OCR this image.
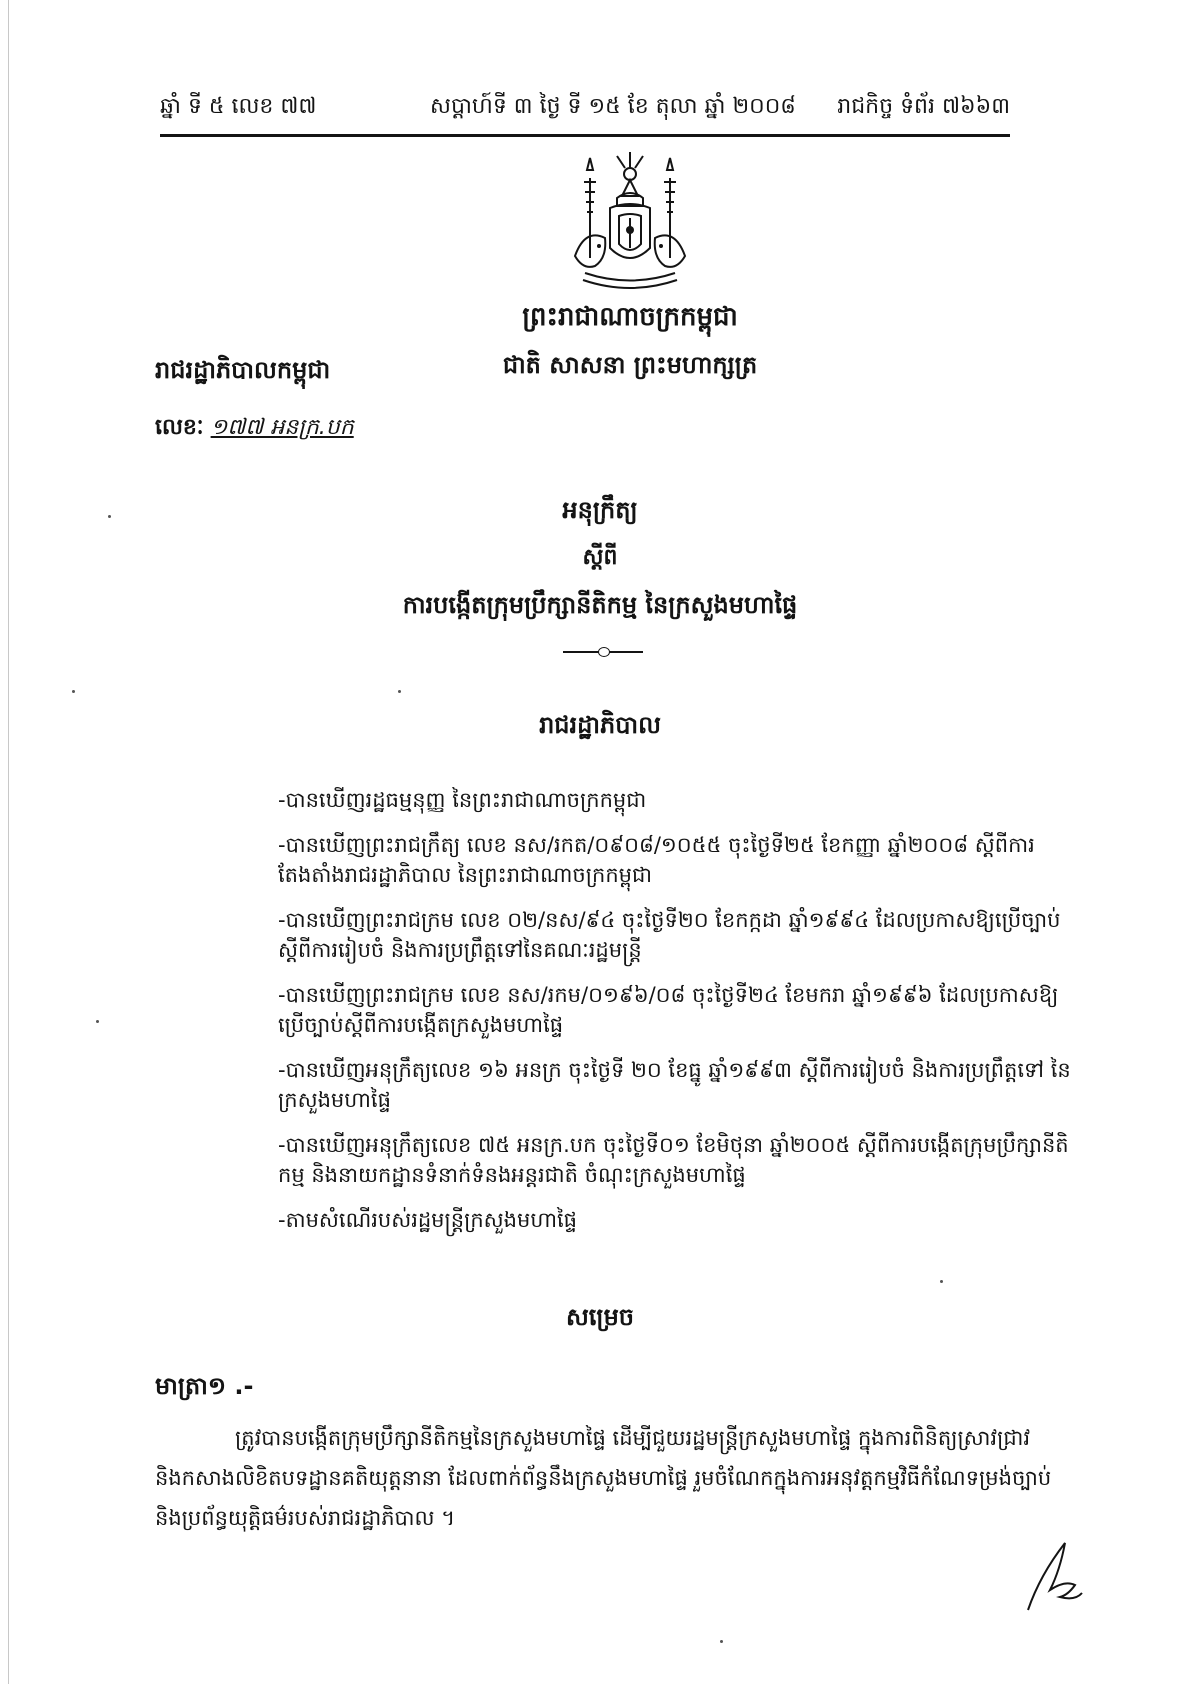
ឆ្នាំ ទី ៥ លេខ ៧៧	សប្តាហ៍ទី ៣ ថ្ងៃ ទី ១៥ ខែ តុលា ឆ្នាំ ២០០៨ រាជកិច្ច ទំព័រ ៧៦៦៣
ព្រះរាជាណាចក្រកម្ពុជា
ជាតិ សាសនា ព្រះមហាក្សត្រ
រាជរដ្ឋាភិបាលកម្ពុជា
លេខៈ ១៧៧ អនក្រ.បក
អនុក្រឹត្យ
ស្តីពី
ការបង្កើតក្រុមប្រឹក្សានីតិកម្ម នៃក្រសួងមហាផ្ទៃ
រាជរដ្ឋាភិបាល
-បានឃើញរដ្ឋធម្មនុញ្ញ នៃព្រះរាជាណាចក្រកម្ពុជា
-បានឃើញព្រះរាជក្រឹត្យ លេខ នស/រកត/០៩០៨/១០៥៥ ចុះថ្ងៃទី២៥ ខែកញ្ញា ឆ្នាំ២០០៨ ស្តីពីការតែងតាំងរាជរដ្ឋាភិបាល នៃព្រះរាជាណាចក្រកម្ពុជា
-បានឃើញព្រះរាជក្រម លេខ ០២/នស/៩៤ ចុះថ្ងៃទី២០ ខែកក្កដា ឆ្នាំ១៩៩៤ ដែលប្រកាសឱ្យប្រើច្បាប់ស្តីពីការរៀបចំ និងការប្រព្រឹត្តទៅនៃគណៈរដ្ឋមន្ត្រី
-បានឃើញព្រះរាជក្រម លេខ នស/រកម/០១៩៦/០៨ ចុះថ្ងៃទី២៤ ខែមករា ឆ្នាំ១៩៩៦ ដែលប្រកាសឱ្យប្រើច្បាប់ស្តីពីការបង្កើតក្រសួងមហាផ្ទៃ
-បានឃើញអនុក្រឹត្យលេខ ១៦ អនក្រ ចុះថ្ងៃទី ២០ ខែធ្នូ ឆ្នាំ១៩៩៣ ស្តីពីការរៀបចំ និងការប្រព្រឹត្តទៅ នៃក្រសួងមហាផ្ទៃ
-បានឃើញអនុក្រឹត្យលេខ ៧៥ អនក្រ.បក ចុះថ្ងៃទី០១ ខែមិថុនា ឆ្នាំ២០០៥ ស្តីពីការបង្កើតក្រុមប្រឹក្សានីតិកម្ម និងនាយកដ្ឋានទំនាក់ទំនងអន្តរជាតិ ចំណុះក្រសួងមហាផ្ទៃ
-តាមសំណើរបស់រដ្ឋមន្ត្រីក្រសួងមហាផ្ទៃ
សម្រេច
មាត្រា១ .-
ត្រូវបានបង្កើតក្រុមប្រឹក្សានីតិកម្មនៃក្រសួងមហាផ្ទៃ ដើម្បីជួយរដ្ឋមន្ត្រីក្រសួងមហាផ្ទៃ ក្នុងការពិនិត្យស្រាវជ្រាវ និងកសាងលិខិតបទដ្ឋានគតិយុត្តនានា ដែលពាក់ព័ន្ធនឹងក្រសួងមហាផ្ទៃ រួមចំណែកក្នុងការអនុវត្តកម្មវិធីកំណែទម្រង់ច្បាប់ និងប្រព័ន្ធយុត្តិធម៌របស់រាជរដ្ឋាភិបាល ។
